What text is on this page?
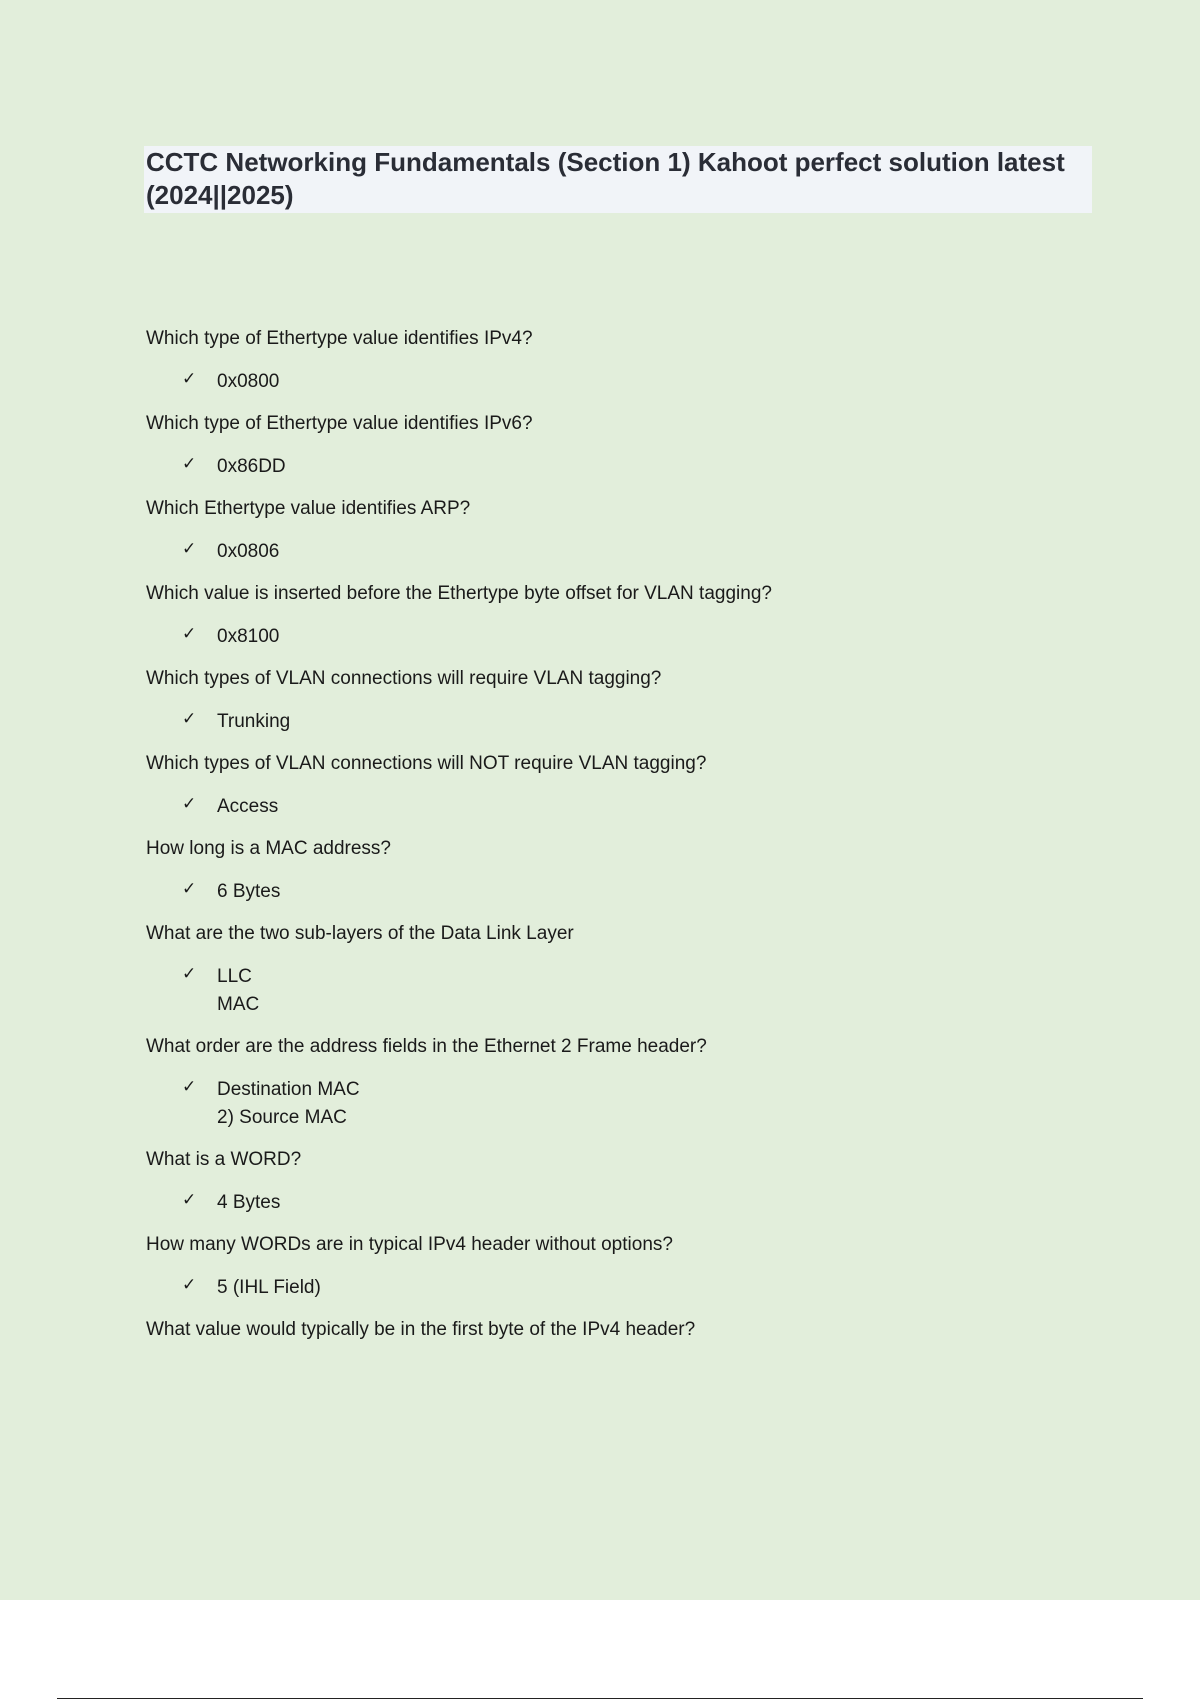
CCTC Networking Fundamentals (Section 1) Kahoot perfect solution latest (2024||2025)

Which type of Ethertype value identifies IPv4?

✓ 0x0800

Which type of Ethertype value identifies IPv6?

✓ 0x86DD

Which Ethertype value identifies ARP?

✓ 0x0806

Which value is inserted before the Ethertype byte offset for VLAN tagging?

✓ 0x8100

Which types of VLAN connections will require VLAN tagging?

✓ Trunking

Which types of VLAN connections will NOT require VLAN tagging?

✓ Access

How long is a MAC address?

✓ 6 Bytes

What are the two sub-layers of the Data Link Layer

✓ LLC

MAC

What order are the address fields in the Ethernet 2 Frame header?

✓ Destination MAC

2) Source MAC

What is a WORD?

✓ 4 Bytes

How many WORDs are in typical IPv4 header without options?

✓ 5 (IHL Field)

What value would typically be in the first byte of the IPv4 header?
